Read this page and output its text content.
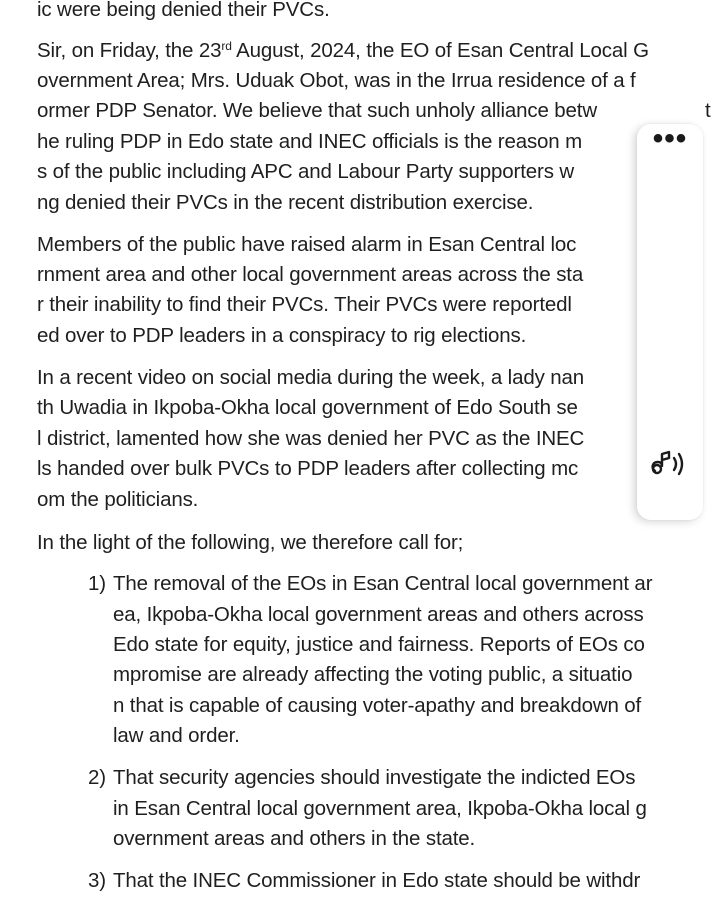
ic were being denied their PVCs.

Sir, on Friday, the 23rd August, 2024, the EO of Esan Central Local G

overnment Area; Mrs. Uduak Obot, was in the Irrua residence of a f

ormer PDP Senator. We believe that such unholy alliance betw

he ruling PDP in Edo state and INEC officials is the reason m

s of the public including APC and Labour Party supporters w

ng denied their PVCs in the recent distribution exercise.

Members of the public have raised alarm in Esan Central loc

rnment area and other local government areas across the sta

r their inability to find their PVCs. Their PVCs were reportedl

ed over to PDP leaders in a conspiracy to rig elections.

In a recent video on social media during the week, a lady nan

th Uwadia in Ikpoba-Okha local government of Edo South se

l district, lamented how she was denied her PVC as the INEC

ls handed over bulk PVCs to PDP leaders after collecting mc

om the politicians.

In the light of the following, we therefore call for;

1) The removal of the EOs in Esan Central local government ar
ea, Ikpoba-Okha local government areas and others across
Edo state for equity, justice and fairness. Reports of EOs co
mpromise are already affecting the voting public, a situatio
n that is capable of causing voter-apathy and breakdown of
law and order.
2) That security agencies should investigate the indicted EOs
in Esan Central local government area, Ikpoba-Okha local g
overnment areas and others in the state.
3) That the INEC Commissioner in Edo state should be withdr
t
•••
